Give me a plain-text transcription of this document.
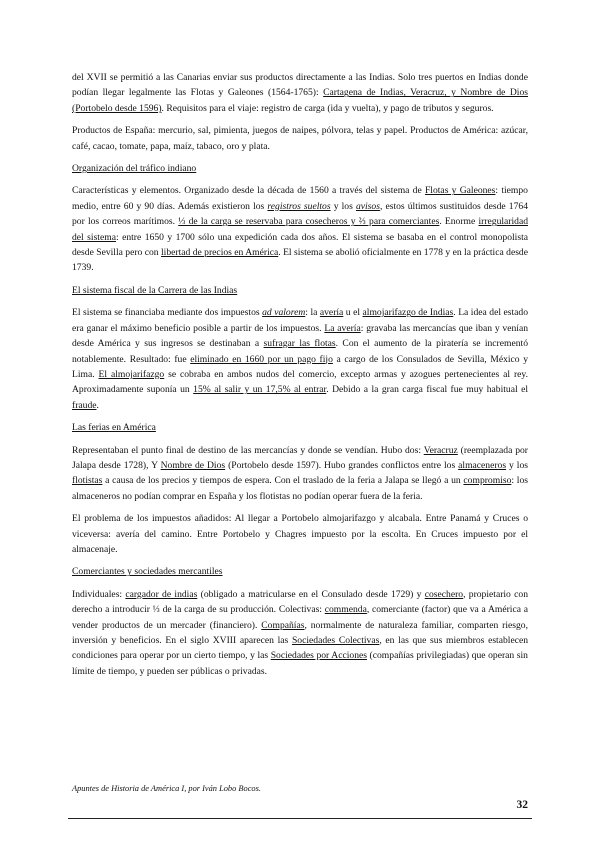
del XVII se permitió a las Canarias enviar sus productos directamente a las Indias. Solo tres puertos en Indias donde podían llegar legalmente las Flotas y Galeones (1564-1765): Cartagena de Indias, Veracruz, y Nombre de Dios (Portobelo desde 1596). Requisitos para el viaje: registro de carga (ida y vuelta), y pago de tributos y seguros.

Productos de España: mercurio, sal, pimienta, juegos de naipes, pólvora, telas y papel. Productos de América: azúcar, café, cacao, tomate, papa, maíz, tabaco, oro y plata.

Organización del tráfico indiano

Características y elementos. Organizado desde la década de 1560 a través del sistema de Flotas y Galeones: tiempo medio, entre 60 y 90 días. Además existieron los registros sueltos y los avisos, estos últimos sustituidos desde 1764 por los correos marítimos. ⅓ de la carga se reservaba para cosecheros y ⅔ para comerciantes. Enorme irregularidad del sistema: entre 1650 y 1700 sólo una expedición cada dos años. El sistema se basaba en el control monopolista desde Sevilla pero con libertad de precios en América. El sistema se abolió oficialmente en 1778 y en la práctica desde 1739.

El sistema fiscal de la Carrera de las Indias

El sistema se financiaba mediante dos impuestos ad valorem: la avería u el almojarifazgo de Indias. La idea del estado era ganar el máximo beneficio posible a partir de los impuestos. La avería: gravaba las mercancías que iban y venían desde América y sus ingresos se destinaban a sufragar las flotas. Con el aumento de la piratería se incrementó notablemente. Resultado: fue eliminado en 1660 por un pago fijo a cargo de los Consulados de Sevilla, México y Lima. El almojarifazgo se cobraba en ambos nudos del comercio, excepto armas y azogues pertenecientes al rey. Aproximadamente suponía un 15% al salir y un 17,5% al entrar. Debido a la gran carga fiscal fue muy habitual el fraude.

Las ferias en América

Representaban el punto final de destino de las mercancías y donde se vendían. Hubo dos: Veracruz (reemplazada por Jalapa desde 1728), Y Nombre de Dios (Portobelo desde 1597). Hubo grandes conflictos entre los almaceneros y los flotistas a causa de los precios y tiempos de espera. Con el traslado de la feria a Jalapa se llegó a un compromiso: los almaceneros no podían comprar en España y los flotistas no podían operar fuera de la feria.

El problema de los impuestos añadidos: Al llegar a Portobelo almojarifazgo y alcabala. Entre Panamá y Cruces o viceversa: avería del camino. Entre Portobelo y Chagres impuesto por la escolta. En Cruces impuesto por el almacenaje.

Comerciantes y sociedades mercantiles

Individuales: cargador de indias (obligado a matricularse en el Consulado desde 1729) y cosechero, propietario con derecho a introducir ⅓ de la carga de su producción. Colectivas: commenda, comerciante (factor) que va a América a vender productos de un mercader (financiero). Compañías, normalmente de naturaleza familiar, comparten riesgo, inversión y beneficios. En el siglo XVIII aparecen las Sociedades Colectivas, en las que sus miembros establecen condiciones para operar por un cierto tiempo, y las Sociedades por Acciones (compañías privilegiadas) que operan sin límite de tiempo, y pueden ser públicas o privadas.

Apuntes de Historia de América I, por Iván Lobo Bocos.
32
